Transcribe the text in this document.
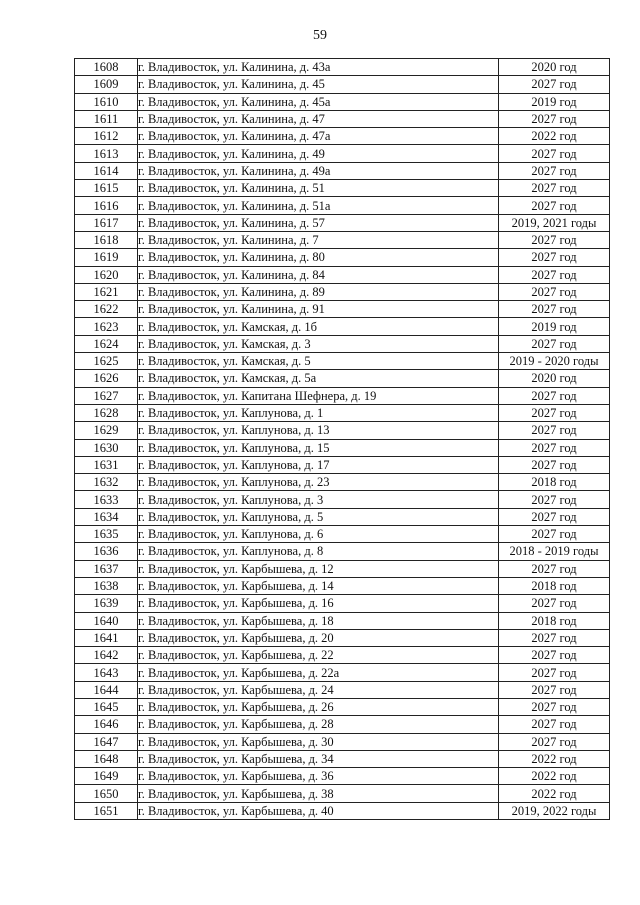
59
1608	г. Владивосток, ул. Калинина, д. 43а	2020 год
1609	г. Владивосток, ул. Калинина, д. 45	2027 год
1610	г. Владивосток, ул. Калинина, д. 45а	2019 год
1611	г. Владивосток, ул. Калинина, д. 47	2027 год
1612	г. Владивосток, ул. Калинина, д. 47а	2022 год
1613	г. Владивосток, ул. Калинина, д. 49	2027 год
1614	г. Владивосток, ул. Калинина, д. 49а	2027 год
1615	г. Владивосток, ул. Калинина, д. 51	2027 год
1616	г. Владивосток, ул. Калинина, д. 51а	2027 год
1617	г. Владивосток, ул. Калинина, д. 57	2019, 2021 годы
1618	г. Владивосток, ул. Калинина, д. 7	2027 год
1619	г. Владивосток, ул. Калинина, д. 80	2027 год
1620	г. Владивосток, ул. Калинина, д. 84	2027 год
1621	г. Владивосток, ул. Калинина, д. 89	2027 год
1622	г. Владивосток, ул. Калинина, д. 91	2027 год
1623	г. Владивосток, ул. Камская, д. 1б	2019 год
1624	г. Владивосток, ул. Камская, д. 3	2027 год
1625	г. Владивосток, ул. Камская, д. 5	2019 - 2020 годы
1626	г. Владивосток, ул. Камская, д. 5а	2020 год
1627	г. Владивосток, ул. Капитана Шефнера, д. 19	2027 год
1628	г. Владивосток, ул. Каплунова, д. 1	2027 год
1629	г. Владивосток, ул. Каплунова, д. 13	2027 год
1630	г. Владивосток, ул. Каплунова, д. 15	2027 год
1631	г. Владивосток, ул. Каплунова, д. 17	2027 год
1632	г. Владивосток, ул. Каплунова, д. 23	2018 год
1633	г. Владивосток, ул. Каплунова, д. 3	2027 год
1634	г. Владивосток, ул. Каплунова, д. 5	2027 год
1635	г. Владивосток, ул. Каплунова, д. 6	2027 год
1636	г. Владивосток, ул. Каплунова, д. 8	2018 - 2019 годы
1637	г. Владивосток, ул. Карбышева, д. 12	2027 год
1638	г. Владивосток, ул. Карбышева, д. 14	2018 год
1639	г. Владивосток, ул. Карбышева, д. 16	2027 год
1640	г. Владивосток, ул. Карбышева, д. 18	2018 год
1641	г. Владивосток, ул. Карбышева, д. 20	2027 год
1642	г. Владивосток, ул. Карбышева, д. 22	2027 год
1643	г. Владивосток, ул. Карбышева, д. 22а	2027 год
1644	г. Владивосток, ул. Карбышева, д. 24	2027 год
1645	г. Владивосток, ул. Карбышева, д. 26	2027 год
1646	г. Владивосток, ул. Карбышева, д. 28	2027 год
1647	г. Владивосток, ул. Карбышева, д. 30	2027 год
1648	г. Владивосток, ул. Карбышева, д. 34	2022 год
1649	г. Владивосток, ул. Карбышева, д. 36	2022 год
1650	г. Владивосток, ул. Карбышева, д. 38	2022 год
1651	г. Владивосток, ул. Карбышева, д. 40	2019, 2022 годы
